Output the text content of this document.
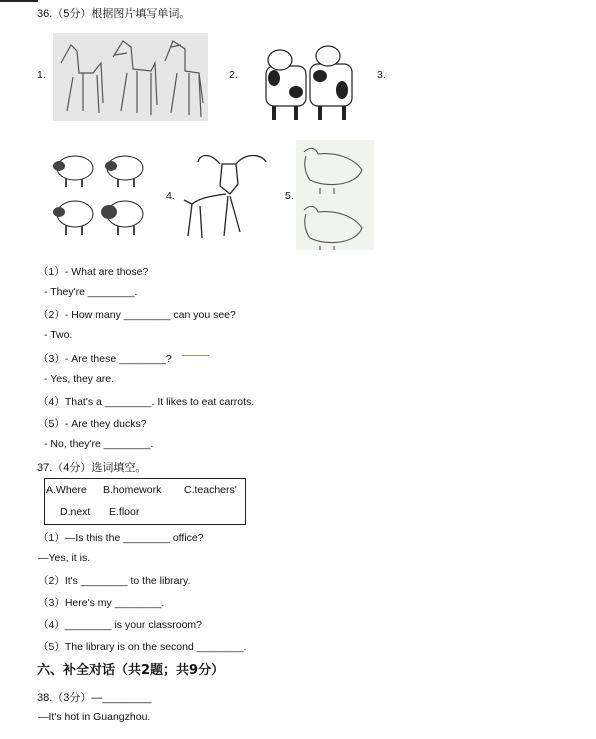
36.（5分）根据图片填写单词。
1.	2.	3.
4.	5.
（1）- What are those?
- They're ________.
（2）- How many ________ can you see?
- Two.
（3）- Are these ________?
- Yes, they are.
（4）That's a ________. It likes to eat carrots.
（5）- Are they ducks?
- No, they're ________.
37.（4分）选词填空。
A.Where B.homework C.teachers'
D.next E.floor
（1）—Is this the ________ office?
—Yes, it is.
（2）It's ________ to the library.
（3）Here's my ________.
（4）________ is your classroom?
（5）The library is on the second ________.
六、补全对话（共2题；共9分）
38.（3分）—________
—It's hot in Guangzhou.
